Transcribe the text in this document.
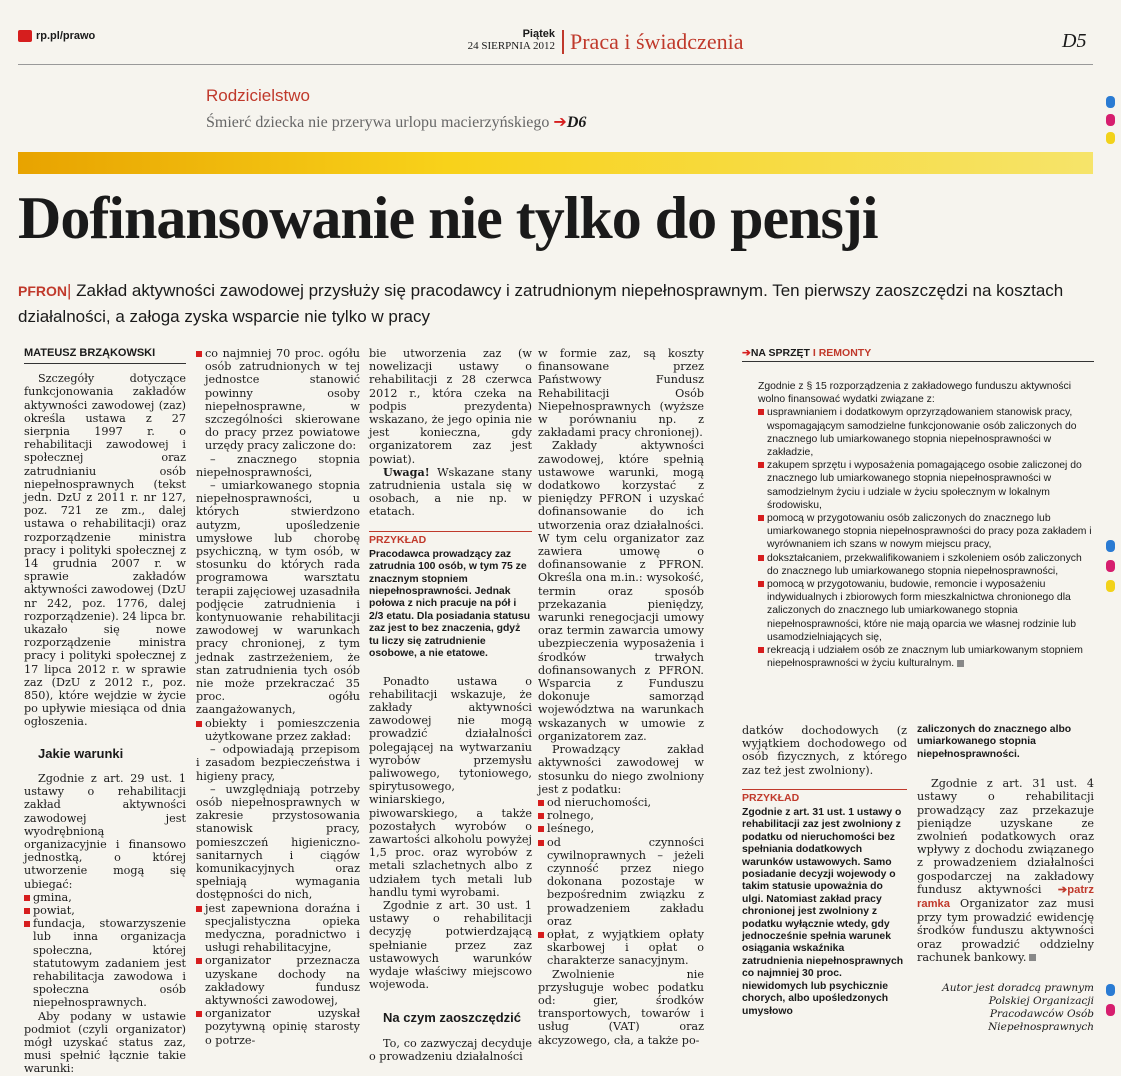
rp.pl/prawo	Piątek
24 SIERPNIA 2012 Praca i świadczenia	D5
Rodzicielstwo
Śmierć dziecka nie przerywa urlopu macierzyńskiego ➔D6
Dofinansowanie nie tylko do pensji
PFRON| Zakład aktywności zawodowej przysłuży się pracodawcy i zatrudnionym niepełnosprawnym. Ten pierwszy zaoszczędzi na kosztach działalności, a załoga zyska wsparcie nie tylko w pracy
MATEUSZ BRZĄKOWSKI

Szczegóły dotyczące funkcjonowania zakładów aktywności zawodowej (zaz) określa ustawa z 27 sierpnia 1997 r. o rehabilitacji zawodowej i społecznej oraz zatrudnianiu osób niepełnosprawnych (tekst jedn. DzU z 2011 r. nr 127, poz. 721 ze zm., dalej ustawa o rehabilitacji) oraz rozporządzenie ministra pracy i polityki społecznej z 14 grudnia 2007 r. w sprawie zakładów aktywności zawodowej (DzU nr 242, poz. 1776, dalej rozporządzenie). 24 lipca br. ukazało się nowe rozporządzenie ministra pracy i polityki społecznej z 17 lipca 2012 r. w sprawie zaz (DzU z 2012 r., poz. 850), które wejdzie w życie po upływie miesiąca od dnia ogłoszenia.

Jakie warunki

Zgodnie z art. 29 ust. 1 ustawy o rehabilitacji zakład aktywności zawodowej jest wyodrębnioną organizacyjnie i finansowo jednostką, o której utworzenie mogą się ubiegać:

gmina,
powiat,
fundacja, stowarzyszenie lub inna organizacja społeczna, której statutowym zadaniem jest rehabilitacja zawodowa i społeczna osób niepełnosprawnych.

Aby podany w ustawie podmiot (czyli organizator) mógł uzyskać status zaz, musi spełnić łącznie takie warunki:

co najmniej 70 proc. ogółu osób zatrudnionych w tej jednostce stanowić powinny osoby niepełnosprawne, w szczególności skierowane do pracy przez powiatowe urzędy pracy zaliczone do:

– znacznego stopnia niepełnosprawności,

– umiarkowanego stopnia niepełnosprawności, u których stwierdzono autyzm, upośledzenie umysłowe lub chorobę psychiczną, w tym osób, w stosunku do których rada programowa warsztatu terapii zajęciowej uzasadniła podjęcie zatrudnienia i kontynuowanie rehabilitacji zawodowej w warunkach pracy chronionej, z tym jednak zastrzeżeniem, że stan zatrudnienia tych osób nie może przekraczać 35 proc. ogółu zaangażowanych,

obiekty i pomieszczenia użytkowane przez zakład:

– odpowiadają przepisom i zasadom bezpieczeństwa i higieny pracy,

– uwzględniają potrzeby osób niepełnosprawnych w zakresie przystosowania stanowisk pracy, pomieszczeń higieniczno-sanitarnych i ciągów komunikacyjnych oraz spełniają wymagania dostępności do nich,

jest zapewniona doraźna i specjalistyczna opieka medyczna, poradnictwo i usługi rehabilitacyjne,
organizator przeznacza uzyskane dochody na zakładowy fundusz aktywności zawodowej,
organizator uzyskał pozytywną opinię starosty o potrze-

bie utworzenia zaz (w nowelizacji ustawy o rehabilitacji z 28 czerwca 2012 r., która czeka na podpis prezydenta) wskazano, że jego opinia nie jest konieczna, gdy organizatorem zaz jest powiat).

Uwaga! Wskazane stany zatrudnienia ustala się w osobach, a nie np. w etatach.

PRZYKŁAD
Pracodawca prowadzący zaz zatrudnia 100 osób, w tym 75 ze znacznym stopniem niepełnosprawności. Jednak połowa z nich pracuje na pół i 2/3 etatu. Dla posiadania statusu zaz jest to bez znaczenia, gdyż tu liczy się zatrudnienie osobowe, a nie etatowe.

Ponadto ustawa o rehabilitacji wskazuje, że zakłady aktywności zawodowej nie mogą prowadzić działalności polegającej na wytwarzaniu wyrobów przemysłu paliwowego, tytoniowego, spirytusowego, winiarskiego, piwowarskiego, a także pozostałych wyrobów o zawartości alkoholu powyżej 1,5 proc. oraz wyrobów z metali szlachetnych albo z udziałem tych metali lub handlu tymi wyrobami.

Zgodnie z art. 30 ust. 1 ustawy o rehabilitacji decyzję potwierdzającą spełnianie przez zaz ustawowych warunków wydaje właściwy miejscowo wojewoda.

Na czym zaoszczędzić

To, co zazwyczaj decyduje o prowadzeniu działalności

w formie zaz, są koszty finansowane przez Państwowy Fundusz Rehabilitacji Osób Niepełnosprawnych (wyższe w porównaniu np. z zakładami pracy chronionej).

Zakłady aktywności zawodowej, które spełnią ustawowe warunki, mogą dodatkowo korzystać z pieniędzy PFRON i uzyskać dofinansowanie do ich utworzenia oraz działalności. W tym celu organizator zaz zawiera umowę o dofinansowanie z PFRON. Określa ona m.in.: wysokość, termin oraz sposób przekazania pieniędzy, warunki renegocjacji umowy oraz termin zawarcia umowy ubezpieczenia wyposażenia i środków trwałych dofinansowanych z PFRON. Wsparcia z Funduszu dokonuje samorząd województwa na warunkach wskazanych w umowie z organizatorem zaz.

Prowadzący zakład aktywności zawodowej w stosunku do niego zwolniony jest z podatku:

od nieruchomości,
rolnego,
leśnego,
od czynności cywilnoprawnych – jeżeli czynność przez niego dokonana pozostaje w bezpośrednim związku z prowadzeniem zakładu oraz
opłat, z wyjątkiem opłaty skarbowej i opłat o charakterze sanacyjnym.

Zwolnienie nie przysługuje wobec podatku od: gier, środków transportowych, towarów i usług (VAT) oraz akcyzowego, cła, a także po-

➔NA SPRZĘT I REMONTY
Zgodnie z § 15 rozporządzenia z zakładowego funduszu aktywności wolno finansować wydatki związane z:
usprawnianiem i dodatkowym oprzyrządowaniem stanowisk pracy, wspomagającym samodzielne funkcjonowanie osób zaliczonych do znacznego lub umiarkowanego stopnia niepełnosprawności w zakładzie,
zakupem sprzętu i wyposażenia pomagającego osobie zaliczonej do znacznego lub umiarkowanego stopnia niepełnosprawności w samodzielnym życiu i udziale w życiu społecznym w lokalnym środowisku,
pomocą w przygotowaniu osób zaliczonych do znacznego lub umiarkowanego stopnia niepełnosprawności do pracy poza zakładem i wyrównaniem ich szans w nowym miejscu pracy,
dokształcaniem, przekwalifikowaniem i szkoleniem osób zaliczonych do znacznego lub umiarkowanego stopnia niepełnosprawności,
pomocą w przygotowaniu, budowie, remoncie i wyposażeniu indywidualnych i zbiorowych form mieszkalnictwa chronionego dla zaliczonych do znacznego lub umiarkowanego stopnia niepełnosprawności, które nie mają oparcia we własnej rodzinie lub usamodzielniających się,
rekreacją i udziałem osób ze znacznym lub umiarkowanym stopniem niepełnosprawności w życiu kulturalnym.

datków dochodowych (z wyjątkiem dochodowego od osób fizycznych, z którego zaz też jest zwolniony).

PRZYKŁAD
Zgodnie z art. 31 ust. 1 ustawy o rehabilitacji zaz jest zwolniony z podatku od nieruchomości bez spełniania dodatkowych warunków ustawowych. Samo posiadanie decyzji wojewody o takim statusie upoważnia do ulgi. Natomiast zakład pracy chronionej jest zwolniony z podatku wyłącznie wtedy, gdy jednocześnie spełnia warunek osiągania wskaźnika zatrudnienia niepełnosprawnych co najmniej 30 proc. niewidomych lub psychicznie chorych, albo upośledzonych umysłowo
zaliczonych do znacznego albo umiarkowanego stopnia niepełnosprawności.

Zgodnie z art. 31 ust. 4 ustawy o rehabilitacji prowadzący zaz przekazuje pieniądze uzyskane ze zwolnień podatkowych oraz wpływy z dochodu związanego z prowadzeniem działalności gospodarczej na zakładowy fundusz aktywności ➔patrz ramka Organizator zaz musi przy tym prowadzić ewidencję środków funduszu aktywności oraz prowadzić oddzielny rachunek bankowy.

Autor jest doradcą prawnym Polskiej Organizacji Pracodawców Osób Niepełnosprawnych
